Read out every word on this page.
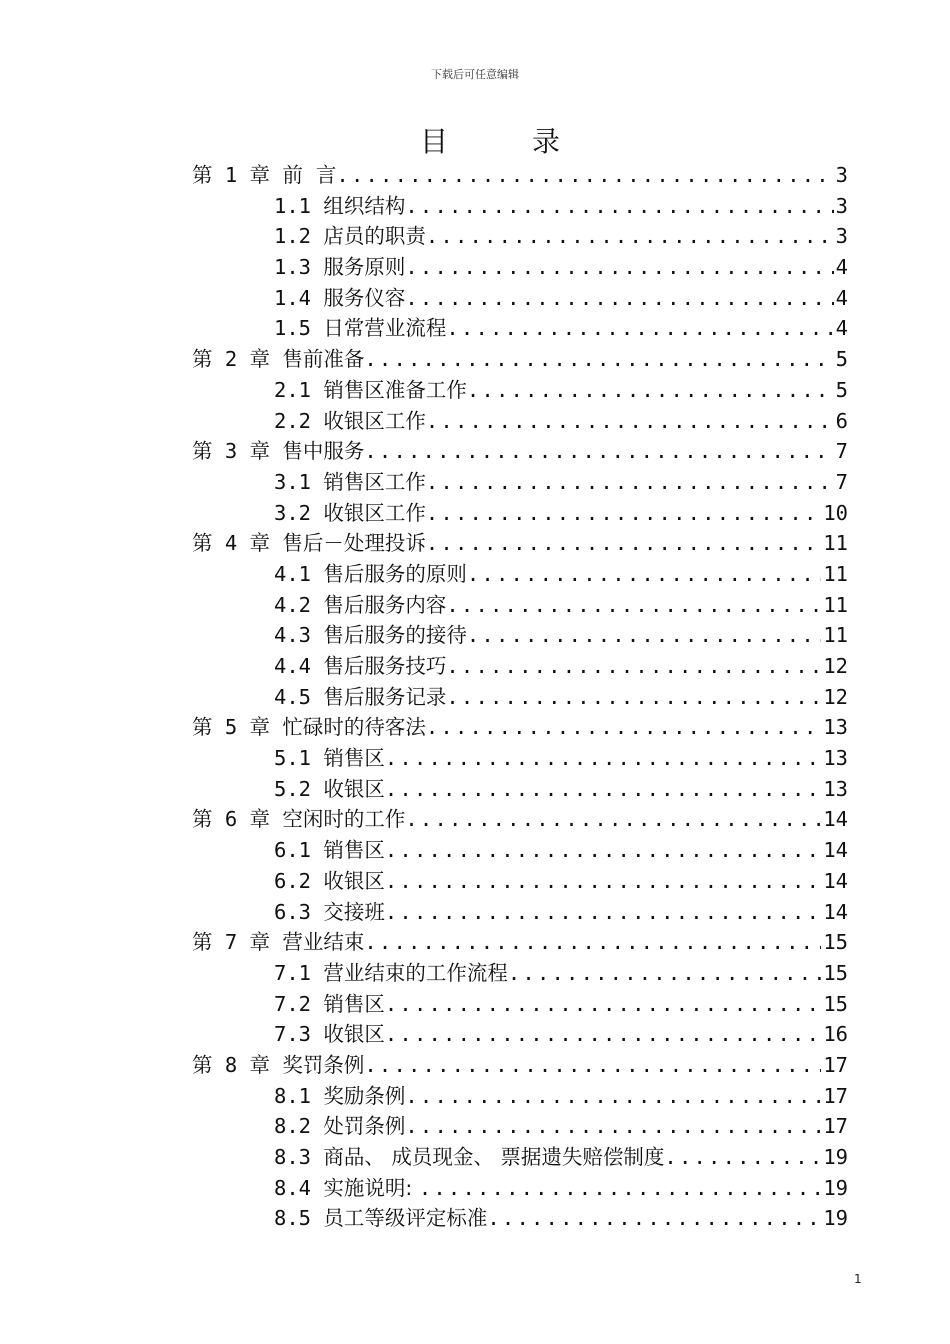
下载后可任意编辑
目	录
第 1 章 前  言 .....	3
1.1 组织结构 .....	3
1.2 店员的职责 .....	3
1.3 服务原则 .....	4
1.4 服务仪容 .....	4
1.5 日常营业流程 .....	4
第 2 章 售前准备 .....	5
2.1 销售区准备工作 .....	5
2.2 收银区工作 .....	6
第 3 章 售中服务 .....	7
3.1 销售区工作 .....	7
3.2 收银区工作 .....	10
第 4 章 售后－处理投诉 .....	11
4.1 售后服务的原则 .....	11
4.2 售后服务内容 .....	11
4.3 售后服务的接待 .....	11
4.4 售后服务技巧 .....	12
4.5 售后服务记录 .....	12
第 5 章 忙碌时的待客法 .....	13
5.1 销售区 .....	13
5.2 收银区 .....	13
第 6 章 空闲时的工作 .....	14
6.1 销售区 .....	14
6.2 收银区 .....	14
6.3 交接班 .....	14
第 7 章 营业结束 .....	15
7.1 营业结束的工作流程 .....	15
7.2 销售区 .....	15
7.3 收银区 .....	16
第 8 章 奖罚条例 .....	17
8.1 奖励条例 .....	17
8.2 处罚条例 .....	17
8.3 商品、 成员现金、 票据遗失赔偿制度 .....	19
8.4 实施说明: .....	19
8.5 员工等级评定标准 .....	19
1
